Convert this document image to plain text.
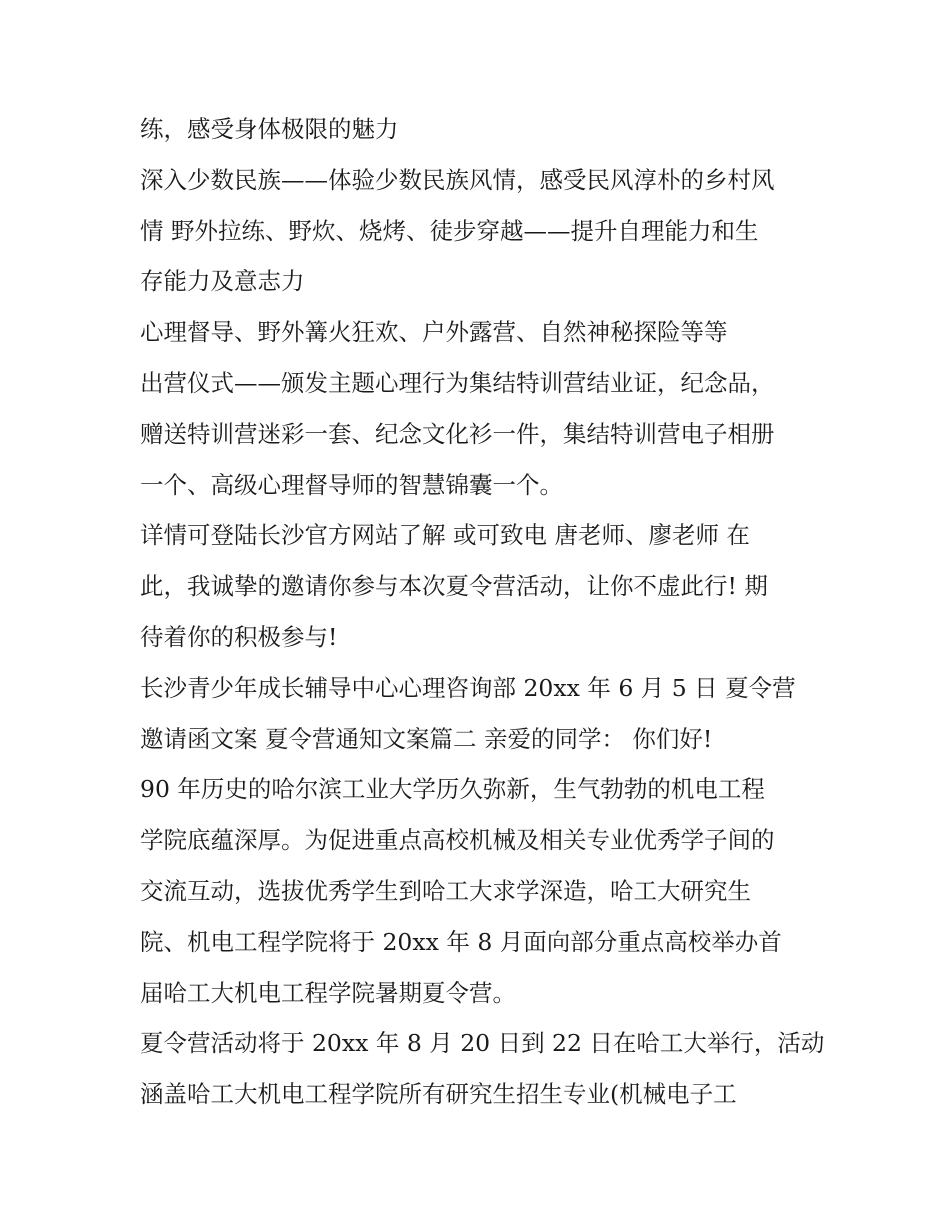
练，感受身体极限的魅力

深入少数民族——体验少数民族风情，感受民风淳朴的乡村风

情 野外拉练、野炊、烧烤、徒步穿越——提升自理能力和生

存能力及意志力

心理督导、野外篝火狂欢、户外露营、自然神秘探险等等

出营仪式——颁发主题心理行为集结特训营结业证，纪念品，

赠送特训营迷彩一套、纪念文化衫一件，集结特训营电子相册

一个、高级心理督导师的智慧锦囊一个。

详情可登陆长沙官方网站了解 或可致电 唐老师、廖老师 在

此，我诚挚的邀请你参与本次夏令营活动，让你不虚此行! 期

待着你的积极参与!

长沙青少年成长辅导中心心理咨询部 20xx 年 6 月 5 日 夏令营

邀请函文案 夏令营通知文案篇二 亲爱的同学： 你们好!

90 年历史的哈尔滨工业大学历久弥新，生气勃勃的机电工程

学院底蕴深厚。为促进重点高校机械及相关专业优秀学子间的

交流互动，选拔优秀学生到哈工大求学深造，哈工大研究生

院、机电工程学院将于 20xx 年 8 月面向部分重点高校举办首

届哈工大机电工程学院暑期夏令营。

夏令营活动将于 20xx 年 8 月 20 日到 22 日在哈工大举行，活动

涵盖哈工大机电工程学院所有研究生招生专业(机械电子工
